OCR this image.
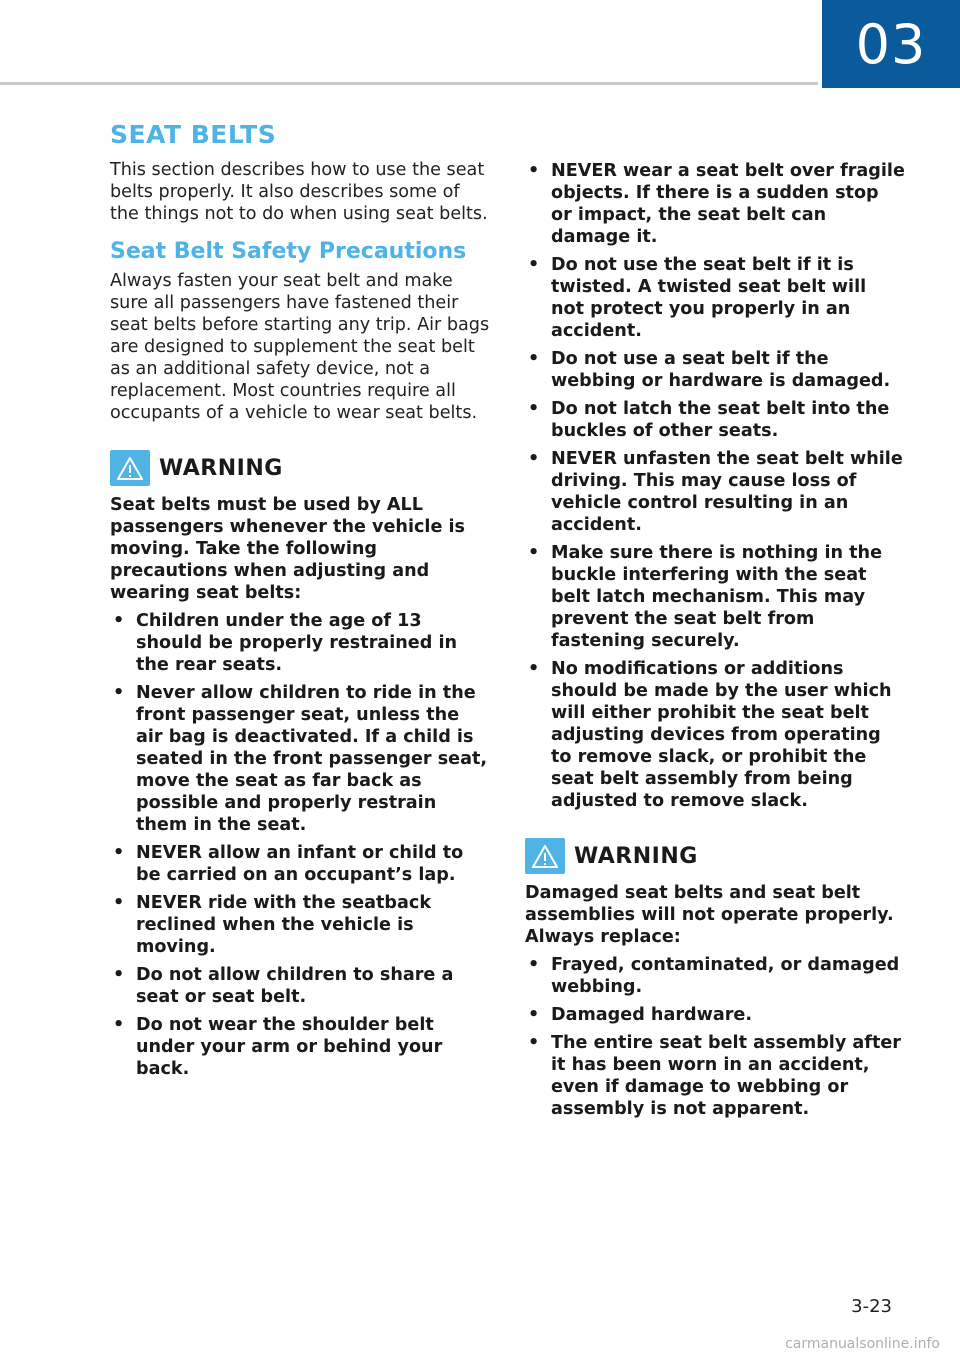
03
SEAT BELTS

This section describes how to use the seat belts properly. It also describes some of the things not to do when using seat belts.

Seat Belt Safety Precautions

Always fasten your seat belt and make sure all passengers have fastened their seat belts before starting any trip. Air bags are designed to supplement the seat belt as an additional safety device, not a replacement. Most countries require all occupants of a vehicle to wear seat belts.

WARNING

Seat belts must be used by ALL passengers whenever the vehicle is moving. Take the following precautions when adjusting and wearing seat belts:

• Children under the age of 13 should be properly restrained in the rear seats.
• Never allow children to ride in the front passenger seat, unless the air bag is deactivated. If a child is seated in the front passenger seat, move the seat as far back as possible and properly restrain them in the seat.
• NEVER allow an infant or child to be carried on an occupant’s lap.
• NEVER ride with the seatback reclined when the vehicle is moving.
• Do not allow children to share a seat or seat belt.
• Do not wear the shoulder belt under your arm or behind your back.
• NEVER wear a seat belt over fragile objects. If there is a sudden stop or impact, the seat belt can damage it.
• Do not use the seat belt if it is twisted. A twisted seat belt will not protect you properly in an accident.
• Do not use a seat belt if the webbing or hardware is damaged.
• Do not latch the seat belt into the buckles of other seats.
• NEVER unfasten the seat belt while driving. This may cause loss of vehicle control resulting in an accident.
• Make sure there is nothing in the buckle interfering with the seat belt latch mechanism. This may prevent the seat belt from fastening securely.
• No modifications or additions should be made by the user which will either prohibit the seat belt adjusting devices from operating to remove slack, or prohibit the seat belt assembly from being adjusted to remove slack.
WARNING

Damaged seat belts and seat belt assemblies will not operate properly. Always replace:

• Frayed, contaminated, or damaged webbing.
• Damaged hardware.
• The entire seat belt assembly after it has been worn in an accident, even if damage to webbing or assembly is not apparent.
3-23
carmanualsonline.info
